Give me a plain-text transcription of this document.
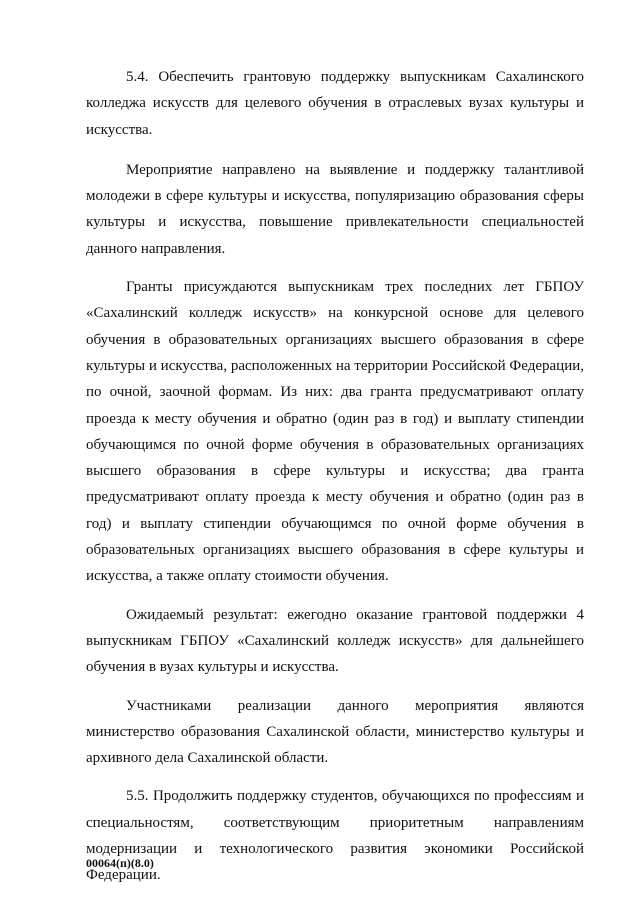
5.4. Обеспечить грантовую поддержку выпускникам Сахалинского колледжа искусств для целевого обучения в отраслевых вузах культуры и искусства.

Мероприятие направлено на выявление и поддержку талантливой молодежи в сфере культуры и искусства, популяризацию образования сферы культуры и искусства, повышение привлекательности специальностей данного направления.

Гранты присуждаются выпускникам трех последних лет ГБПОУ «Сахалинский колледж искусств» на конкурсной основе для целевого обучения в образовательных организациях высшего образования в сфере культуры и искусства, расположенных на территории Российской Федерации, по очной, заочной формам. Из них: два гранта предусматривают оплату проезда к месту обучения и обратно (один раз в год) и выплату стипендии обучающимся по очной форме обучения в образовательных организациях высшего образования в сфере культуры и искусства; два гранта предусматривают оплату проезда к месту обучения и обратно (один раз в год) и выплату стипендии обучающимся по очной форме обучения в образовательных организациях высшего образования в сфере культуры и искусства, а также оплату стоимости обучения.

Ожидаемый результат: ежегодно оказание грантовой поддержки 4 выпускникам ГБПОУ «Сахалинский колледж искусств» для дальнейшего обучения в вузах культуры и искусства.

Участниками реализации данного мероприятия являются министерство образования Сахалинской области, министерство культуры и архивного дела Сахалинской области.

5.5. Продолжить поддержку студентов, обучающихся по профессиям и специальностям, соответствующим приоритетным направлениям модернизации и технологического развития экономики Российской Федерации.

00064(п)(8.0)
